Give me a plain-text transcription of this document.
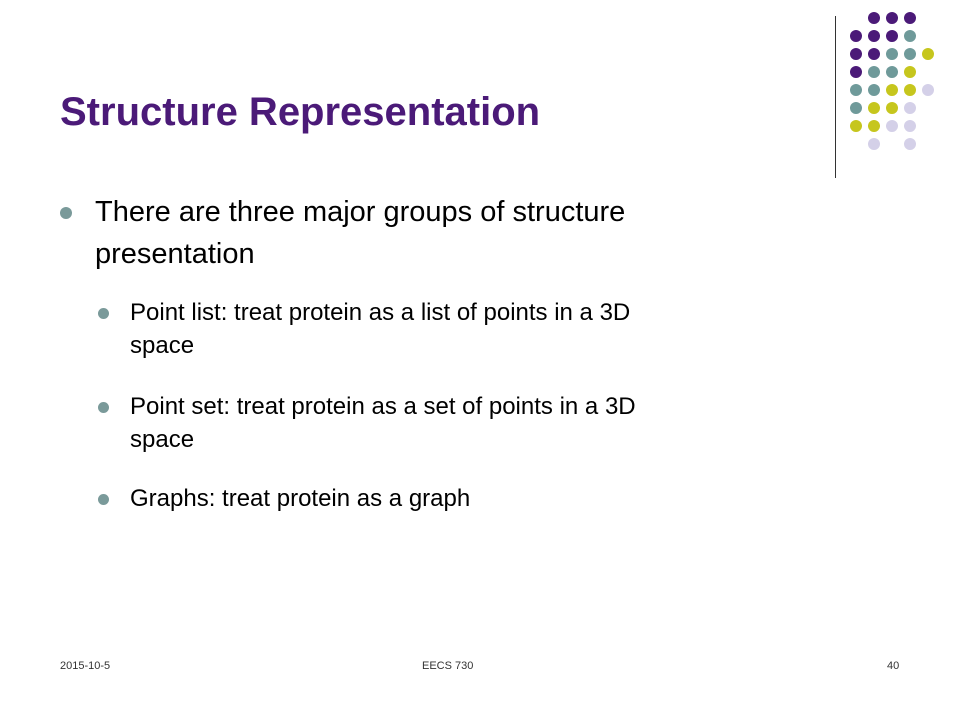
Structure Representation
There are three major groups of structure
presentation
Point list: treat protein as a list of points in a 3D
space
Point set: treat protein as a set of points in a 3D
space
Graphs: treat protein as a graph
2015-10-5	EECS 730	40
